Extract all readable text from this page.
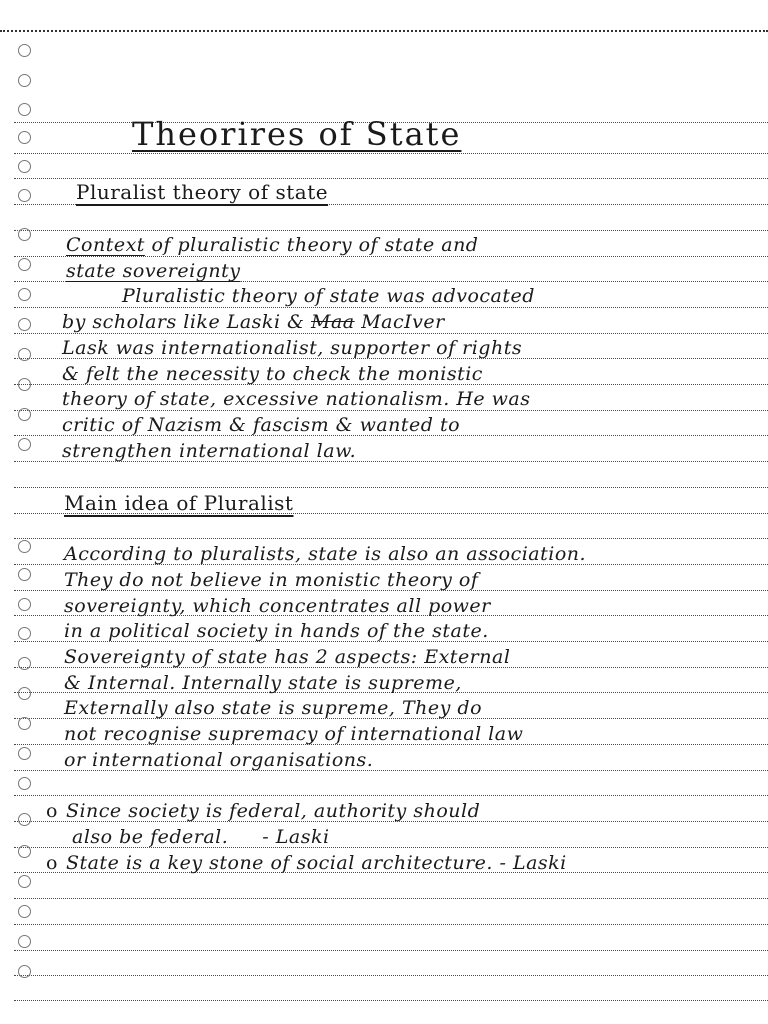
Theorires of State
Pluralist theory of state
Context of pluralistic theory of state and
state sovereignty
Pluralistic theory of state was advocated
by scholars like Laski & Maa MacIver
Lask was internationalist, supporter of rights
& felt the necessity to check the monistic
theory of state, excessive nationalism. He was
critic of Nazism & fascism & wanted to
strengthen international law.
Main idea of Pluralist
According to pluralists, state is also an association.
They do not believe in monistic theory of
sovereignty, which concentrates all power
in a political society in hands of the state.
Sovereignty of state has 2 aspects: External
& Internal. Internally state is supreme,
Externally also state is supreme, They do
not recognise supremacy of international law
or international organisations.
o Since society is federal, authority should
also be federal. - Laski
o State is a key stone of social architecture. - Laski
